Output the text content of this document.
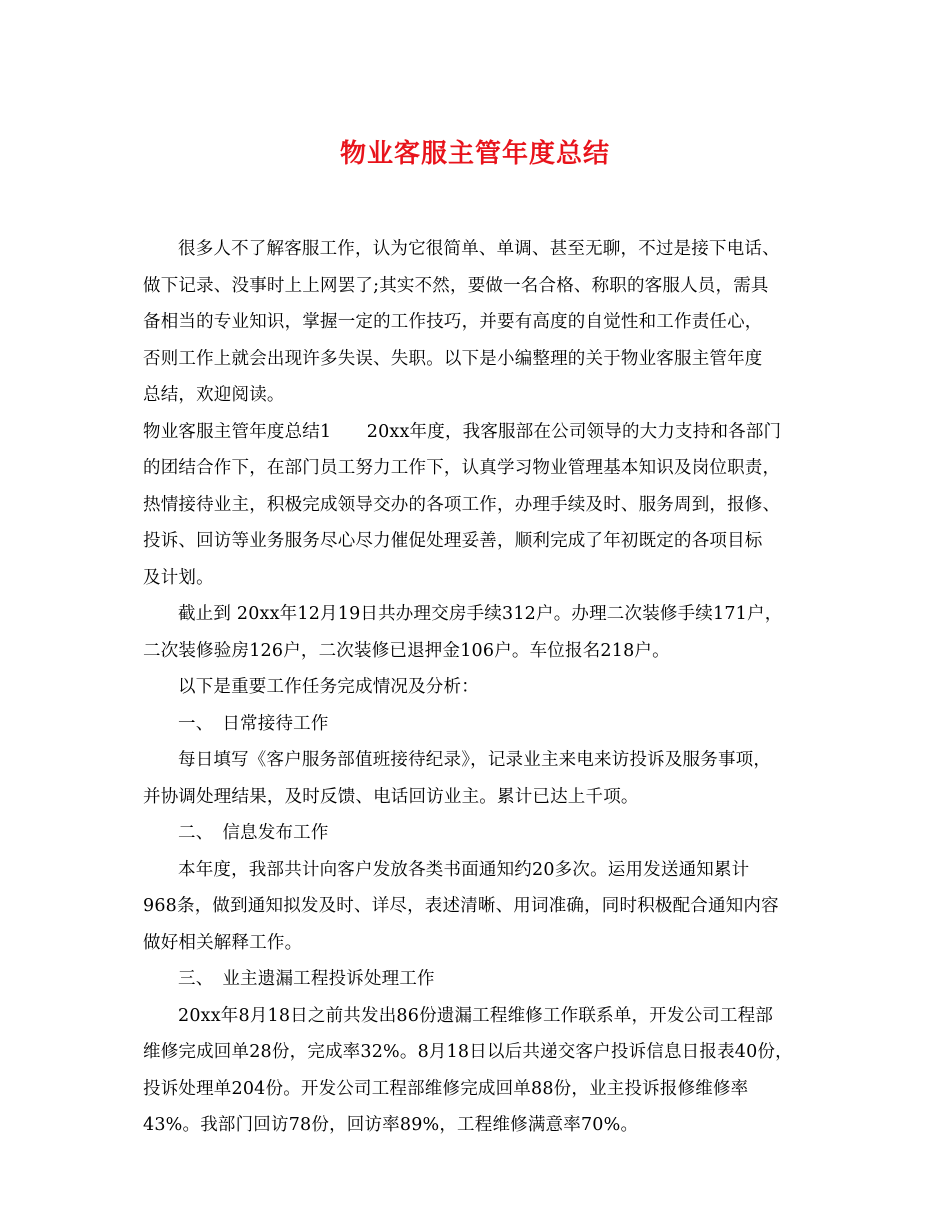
物业客服主管年度总结
很多人不了解客服工作，认为它很简单、单调、甚至无聊，不过是接下电话、
做下记录、没事时上上网罢了;其实不然，要做一名合格、称职的客服人员，需具
备相当的专业知识，掌握一定的工作技巧，并要有高度的自觉性和工作责任心，
否则工作上就会出现许多失误、失职。以下是小编整理的关于物业客服主管年度
总结，欢迎阅读。
物业客服主管年度总结1　　20xx年度，我客服部在公司领导的大力支持和各部门
的团结合作下，在部门员工努力工作下，认真学习物业管理基本知识及岗位职责，
热情接待业主，积极完成领导交办的各项工作，办理手续及时、服务周到，报修、
投诉、回访等业务服务尽心尽力催促处理妥善，顺利完成了年初既定的各项目标
及计划。
截止到 20xx年12月19日共办理交房手续312户。办理二次装修手续171户，
二次装修验房126户，二次装修已退押金106户。车位报名218户。
以下是重要工作任务完成情况及分析：
一、　日常接待工作
每日填写《客户服务部值班接待纪录》，记录业主来电来访投诉及服务事项，
并协调处理结果，及时反馈、电话回访业主。累计已达上千项。
二、　信息发布工作
本年度，我部共计向客户发放各类书面通知约20多次。运用发送通知累计
968条，做到通知拟发及时、详尽，表述清晰、用词准确，同时积极配合通知内容
做好相关解释工作。
三、　业主遗漏工程投诉处理工作
20xx年8月18日之前共发出86份遗漏工程维修工作联系单，开发公司工程部
维修完成回单28份，完成率32%。8月18日以后共递交客户投诉信息日报表40份，
投诉处理单204份。开发公司工程部维修完成回单88份，业主投诉报修维修率
43%。我部门回访78份，回访率89%，工程维修满意率70%。
